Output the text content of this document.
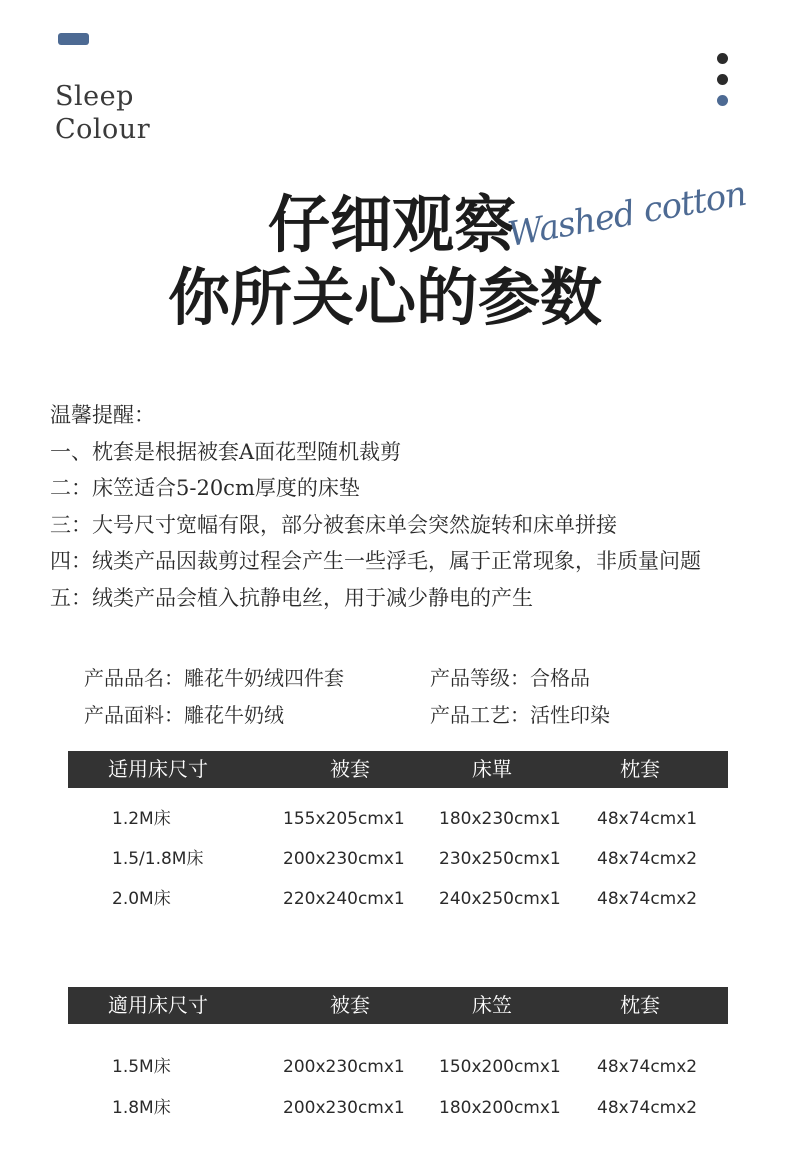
Sleep
Colour
仔细观察
你所关心的参数
Washed cotton
温馨提醒：
一、枕套是根据被套A面花型随机裁剪
二：床笠适合5-20cm厚度的床垫
三：大号尺寸宽幅有限，部分被套床单会突然旋转和床单拼接
四：绒类产品因裁剪过程会产生一些浮毛，属于正常现象，非质量问题
五：绒类产品会植入抗静电丝，用于减少静电的产生
产品品名：雕花牛奶绒四件套
产品面料：雕花牛奶绒
产品等级：合格品
产品工艺：活性印染
适用床尺寸	被套	床單	枕套
1.2M床	155x205cmx1 180x230cmx1 48x74cmx1
1.5/1.8M床	200x230cmx1 230x250cmx1 48x74cmx2
2.0M床	220x240cmx1 240x250cmx1 48x74cmx2
適用床尺寸	被套	床笠	枕套
1.5M床	200x230cmx1 150x200cmx1 48x74cmx2
1.8M床	200x230cmx1 180x200cmx1 48x74cmx2
